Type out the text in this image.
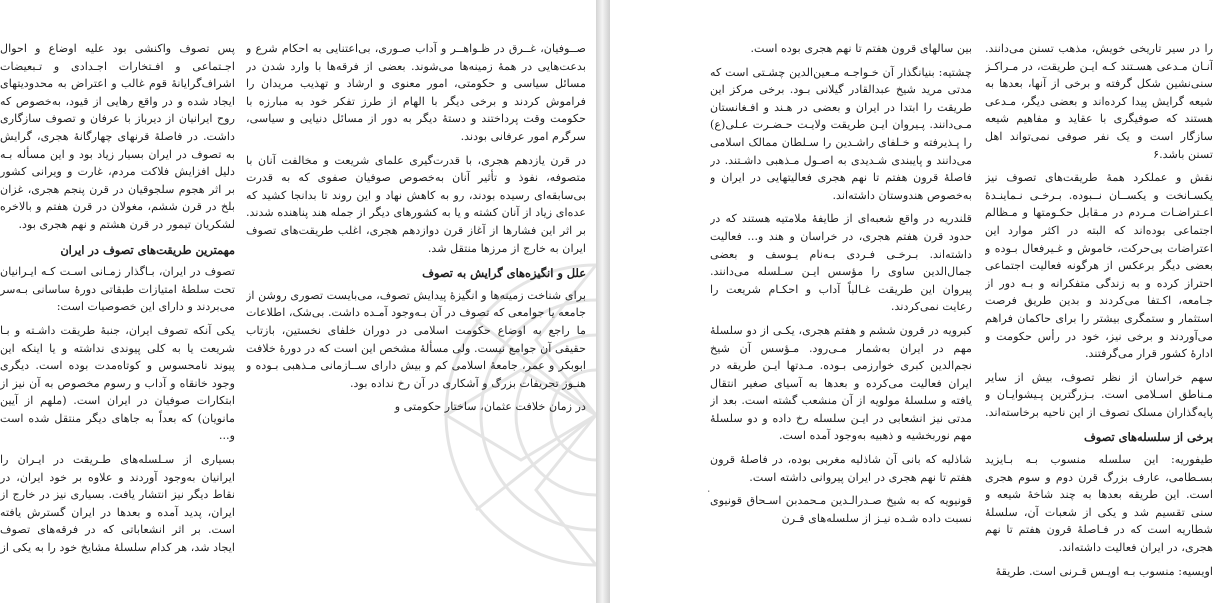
صــوفیان، غــرق در ظـواهــر و آداب صـوری، بی‌اعتنایی به احکام شرع و بدعت‌هایی در همهٔ زمینه‌ها می‌شوند. بعضی از فرقه‌ها با وارد شدن در مسائل سیاسی و حکومتی، امور معنوی و ارشاد و تهذیب مریدان را فراموش کردند و برخی دیگر با الهام از طرز تفکر خود به مبارزه با حکومت وقت پرداختند و دستهٔ دیگر به دور از مسائل دنیایی و سیاسی، سرگرم امور عرفانی بودند.

در قرن یازدهم هجری، با قدرت‌گیری علمای شریعت و مخالفت آنان با متصوفه، نفوذ و تأثیر آنان به‌خصوص صوفیان صفوی که به قدرت بی‌سابقه‌ای رسیده بودند، رو به کاهش نهاد و این روند تا بدانجا کشید که عده‌ای زیاد از آنان کشته و یا به کشورهای دیگر از جمله هند پناهنده شدند. بر اثر این فشارها از آغاز قرن دوازدهم هجری، اغلب طریقت‌های تصوف ایران به خارج از مرزها منتقل شد.

علل و انگیزه‌های گرایش به تصوف

برای شناخت زمینه‌ها و انگیزهٔ پیدایش تصوف، می‌بایست تصوری روشن از جامعه یا جوامعی که تصوف در آن بـه‌وجود آمـده داشت. بی‌شک، اطلاعات ما راجع به اوضاع حکومت اسلامی در دوران خلفای نخستین، بازتاب حقیقی آن جوامع نیست. ولی مسألهٔ مشخص این است که در دورهٔ خلافت ابوبکر و عمر، جامعهٔ اسلامی کم و بیش دارای ســازمانی مـذهبی بـوده و هنـوز تحریفات بزرگ و آشکاری در آن رخ نداده بود.

در زمان خلافت عثمان، ساختار حکومتی و

پس تصوف واکنشی بود علیه اوضاع و احوال اجـتماعی و افـتخارات اجـدادی و تـبعیضات اشراف‌گرایانهٔ قوم غالب و اعتراض به محدودیتهای ایجاد شده و در واقع رهایی از قیود، به‌خصوص که روح ایرانیان از دیرباز با عرفان و تصوف سازگاری داشت. در فاصلهٔ قرنهای چهارگانهٔ هجری، گرایش به تصوف در ایران بسیار زیاد بود و این مسأله بـه دلیل افزایش فلاکت مردم، غارت و ویرانی کشور بر اثر هجوم سلجوقیان در قرن پنجم هجری، غزان بلخ در قرن ششم، مغولان در قرن هفتم و بالاخره لشکریان تیمور در قرن هشتم و نهم هجری بود.

مهمترین طریقت‌های تصوف در ایران

تصوف در ایران، بـاگذار زمـانی اسـت کـه ایـرانیان تحت سلطهٔ امتیازات طبقاتی دورهٔ ساسانی بـه‌سر می‌بردند و دارای این خصوصیات است:

یکی آنکه تصوف ایران، جنبهٔ طریقت داشـته و بـا شریعت یا به کلی پیوندی نداشته و یا اینکه این پیوند نامحسوس و کوتاه‌مدت بوده است. دیگری وجود خانقاه و آداب و رسوم مخصوص به آن نیز از ابتکارات صوفیان در ایران است. (ملهم از آیین مانویان) که بعداً به جاهای دیگر منتقل شده است و...

بسیاری از سـلسله‌های طـریقت در ایـران را ایرانیان به‌وجود آوردند و علاوه بر خود ایران، در نقاط دیگر نیز انتشار یافت. بسیاری نیز در خارج از ایران، پدید آمده و بعدها در ایران گسترش یافته است. بر اثر انشعاباتی که در فرقه‌های تصوف ایجاد شد، هر کدام سلسلهٔ مشایخ خود را به یکی از

را در سیر تاریخی خویش، مذهب تسنن می‌دانند. آنـان مـدعی هسـتند کـه ایـن طریقت، در مـراکـز سنی‌نشین شکل گرفته و برخی از آنها، بعدها به شیعه گرایش پیدا کرده‌اند و بعضی دیگر، مـدعی هستند که صوفیگری با عقاید و مفاهیم شیعه سازگار است و یک نفر صوفی نمی‌تواند اهل تسنن باشد.۶

نقش و عملکرد همهٔ طریقت‌های تصوف نیز یکسـانخت و یکســان نــبوده. بـرخـی نـماینـدهٔ اعـتراضـات مـردم در مـقابل حکـومتها و مـظالم اجتماعی بوده‌اند که البته در اکثر موارد این اعتراضات بی‌حرکت، خاموش و غـیرفعال بـوده و بعضی دیگر برعکس از هرگونه فعالیت اجتماعی احتراز کرده و به زندگی متفکرانه و بـه دور از جـامعه، اکـتفا می‌کردند و بدین طریق فرصت استثمار و ستمگری بیشتر را برای حاکمان فراهم می‌آوردند و برخی نیز، خود در رأس حکومت و ادارهٔ کشور قرار می‌گرفتند.

سهم خراسان از نظر تصوف، بیش از سایر مـناطق اسـلامی است. بـزرگترین پـیشوایـان و پایه‌گذاران مسلک تصوف از این ناحیه برخاسته‌اند.

برخی از سلسله‌های تصوف

طیفوریه: این سلسله منسوب بـه بـایزید بسـطامی، عارف بزرگ قرن دوم و سوم هجری است. این طریقه بعدها به چند شاخهٔ شیعه و سنی تقسیم شد و یکی از شعبات آن، سلسلهٔ شطاریه است که در فـاصلهٔ قرون هفتم تا نهم هجری، در ایران فعالیت داشته‌اند.

اویسیه: منسوب بـه اویـس قـرنی است. طریقهٔ

بین سالهای قرون هفتم تا نهم هجری بوده است.

چشتیه: بنیانگذار آن خـواجـه مـعین‌الدین چشـتی است که مدتی مرید شیخ عبدالقادر گیلانی بـود. برخی مرکز این طریقت را ابتدا در ایران و بعضی در هـند و افـغانستان مـی‌دانند. پـیروان ایـن طریقت ولایـت حـضـرت عـلی(ع) را پـذیرفته و خـلفای راشـدین را سـلطان ممالک اسلامی می‌دانند و پایبندی شـدیدی به اصـول مـذهبی داشـتند. در فاصلهٔ قرون هفتم تا نهم هجری فعالیتهایی در ایران و به‌خصوص هندوستان داشته‌اند.

قلندریه در واقع شعبه‌ای از طایفهٔ ملامتیه هستند که در حدود قرن هفتم هجری، در خراسان و هند و... فعالیت داشته‌اند. بـرخـی فـردی بـه‌نام یـوسف و بعضی جمال‌الدین ساوی را مؤسس ایـن سـلسله می‌دانند. پیروان این طریقت غـالباً آداب و احکـام شریعت را رعایت نمی‌کردند.

کبرویه در قرون ششم و هفتم هجری، یکـی از دو سلسلهٔ مهم در ایران به‌شمار مـی‌رود. مـؤسس آن شیخ نجم‌الدین کبری خوارزمی بـوده. مـدتها ایـن طریقه در ایران فعالیت می‌کرده و بعدها به آسیای صغیر انتقال یافته و سلسلهٔ مولویه از آن منشعب گشته است. بعد از مدتی نیز انشعابی در ایـن سلسله رخ داده و دو سلسلهٔ مهم نوربخشیه و ذهبیه به‌وجود آمده است.

شاذلیه که بانی آن شاذلیه مغربی بوده، در فاصلهٔ قرون هفتم تا نهم هجری در ایران پیروانی داشته است.

قونیویه که به شیخ صـدرالـدین مـحمدبن اسـحاق قونیوی نسبت داده شـده نیـز از سلسله‌های قـرن

٠
